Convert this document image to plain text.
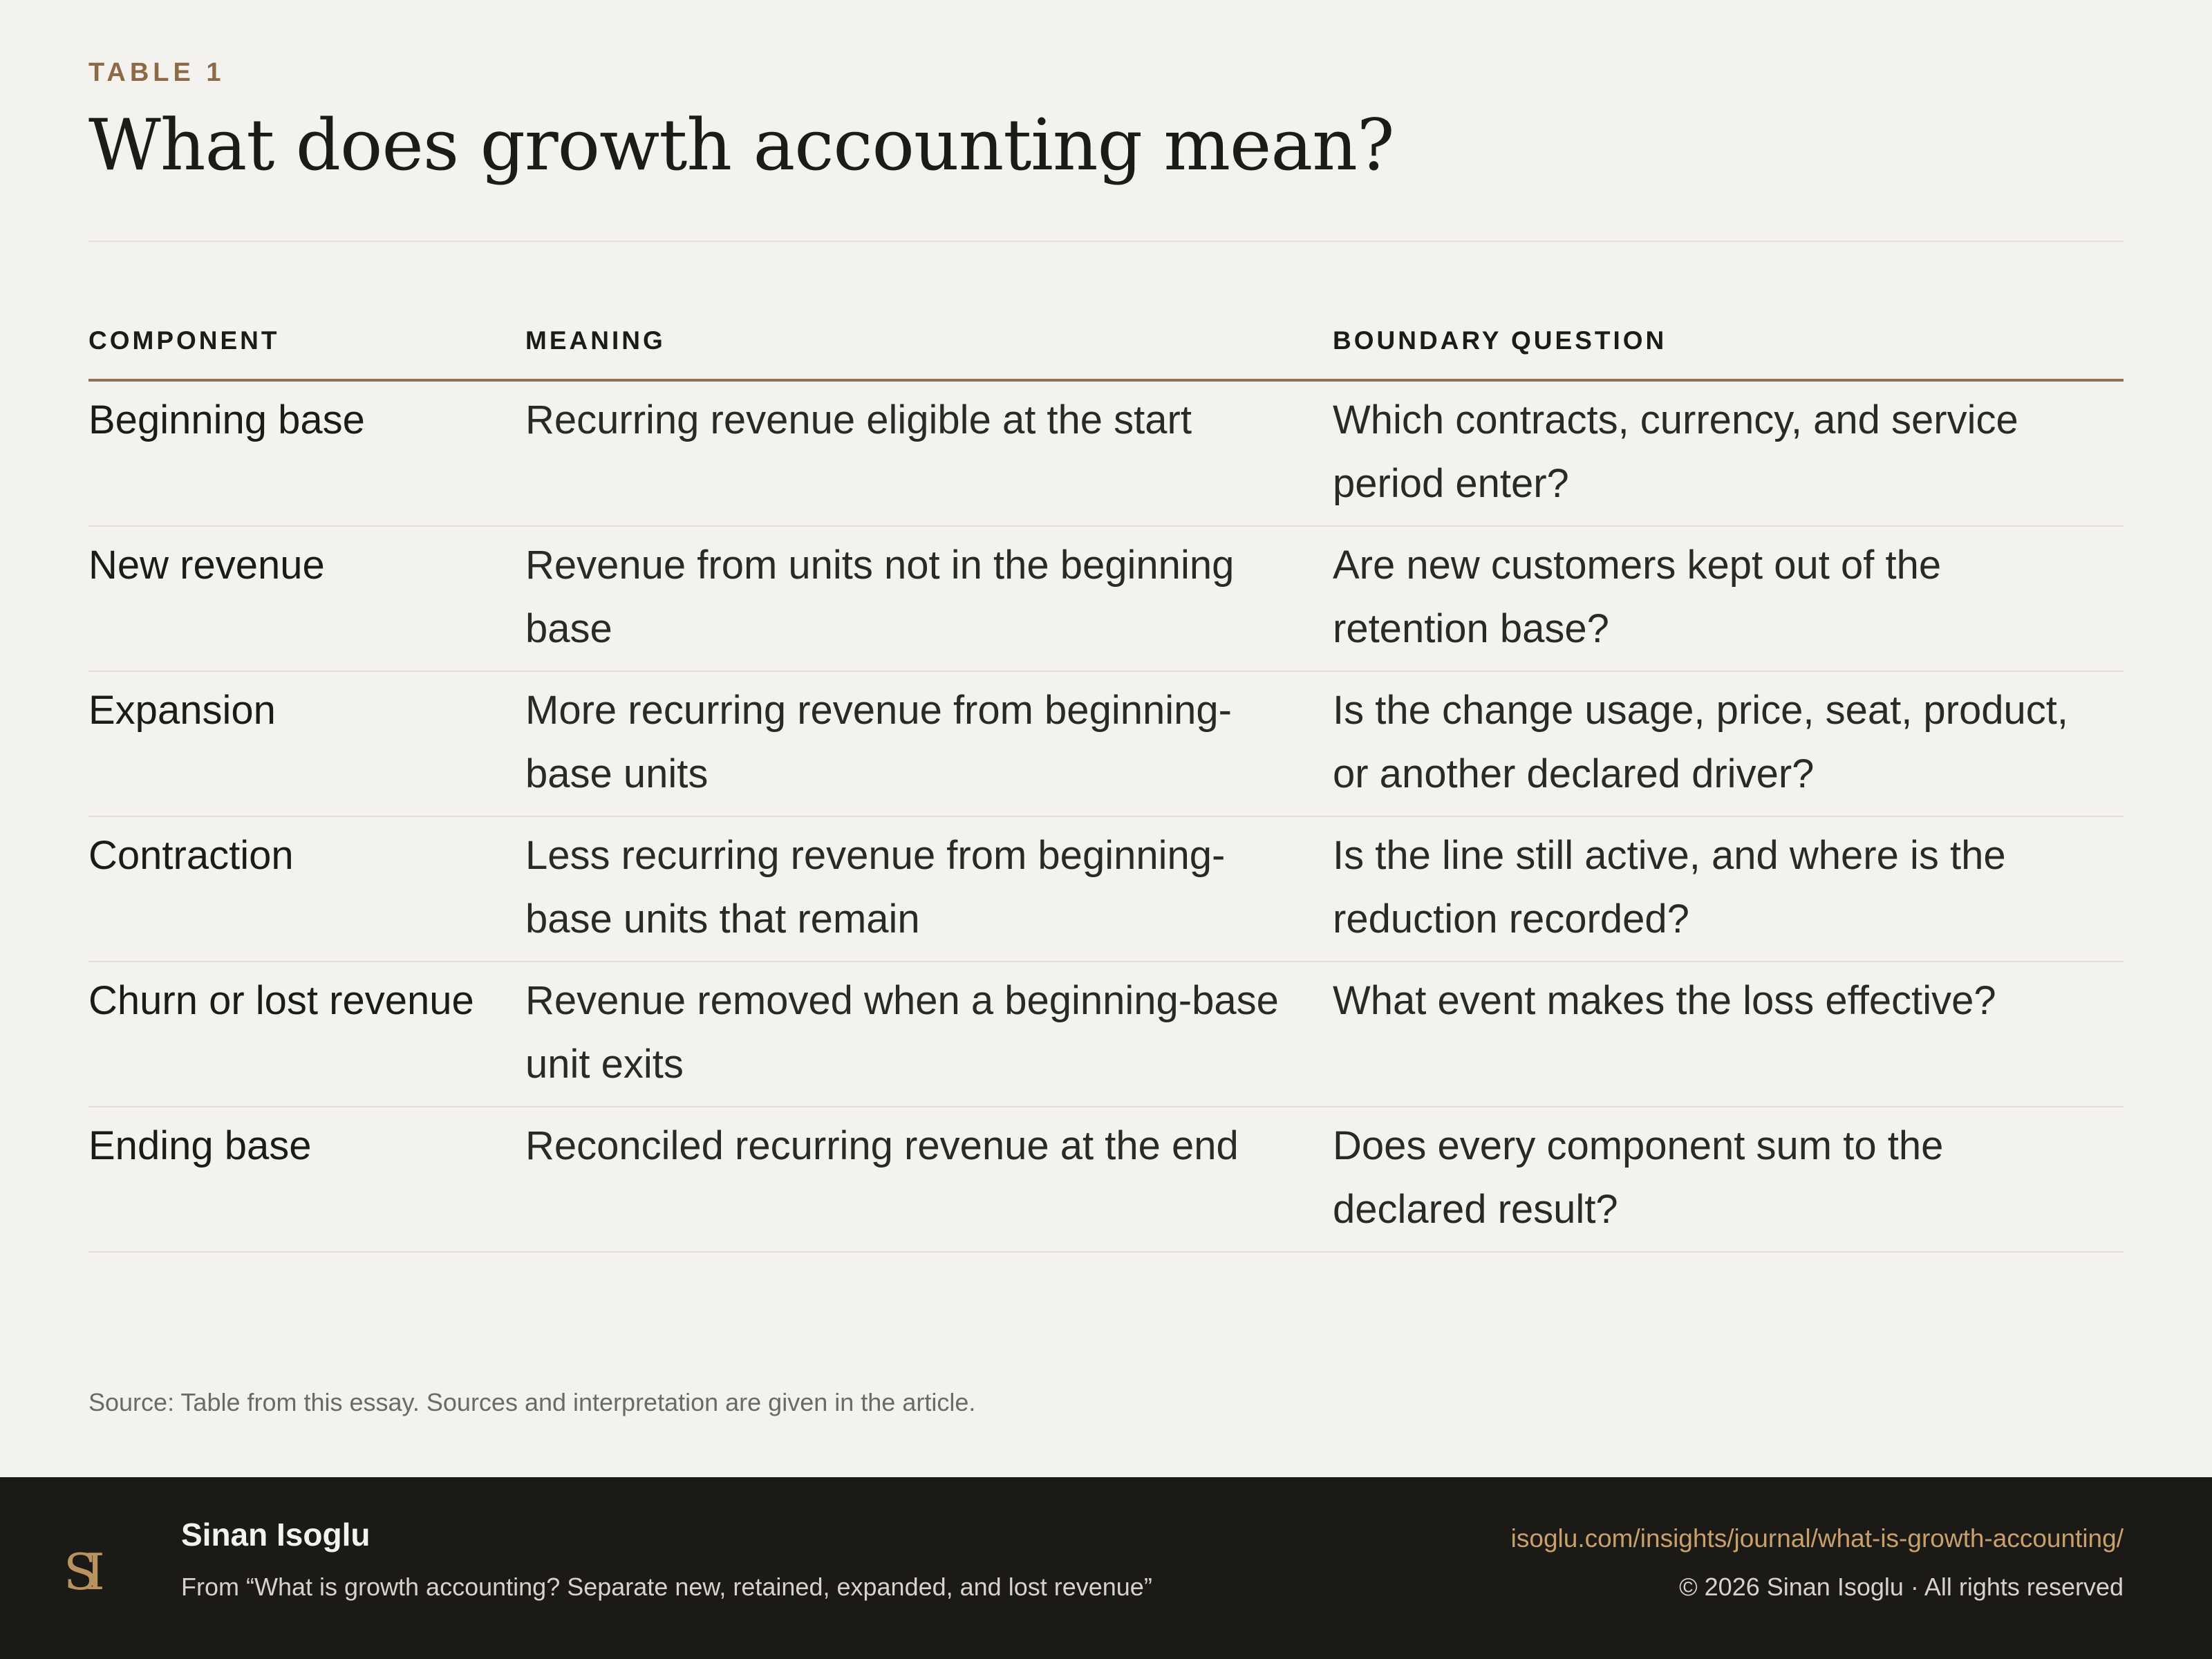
TABLE 1
What does growth accounting mean?
COMPONENT	MEANING	BOUNDARY QUESTION
Beginning base	Recurring revenue eligible at the start	Which contracts, currency, and service period enter?
New revenue	Revenue from units not in the beginning base	Are new customers kept out of the retention base?
Expansion	More recurring revenue from beginning-base units	Is the change usage, price, seat, product, or another declared driver?
Contraction	Less recurring revenue from beginning-base units that remain	Is the line still active, and where is the reduction recorded?
Churn or lost revenue	Revenue removed when a beginning-base unit exits	What event makes the loss effective?
Ending base	Reconciled recurring revenue at the end	Does every component sum to the declared result?
Source: Table from this essay. Sources and interpretation are given in the article.
SI
Sinan Isoglu
From “What is growth accounting? Separate new, retained, expanded, and lost revenue”
isoglu.com/insights/journal/what-is-growth-accounting/
© 2026 Sinan Isoglu · All rights reserved
